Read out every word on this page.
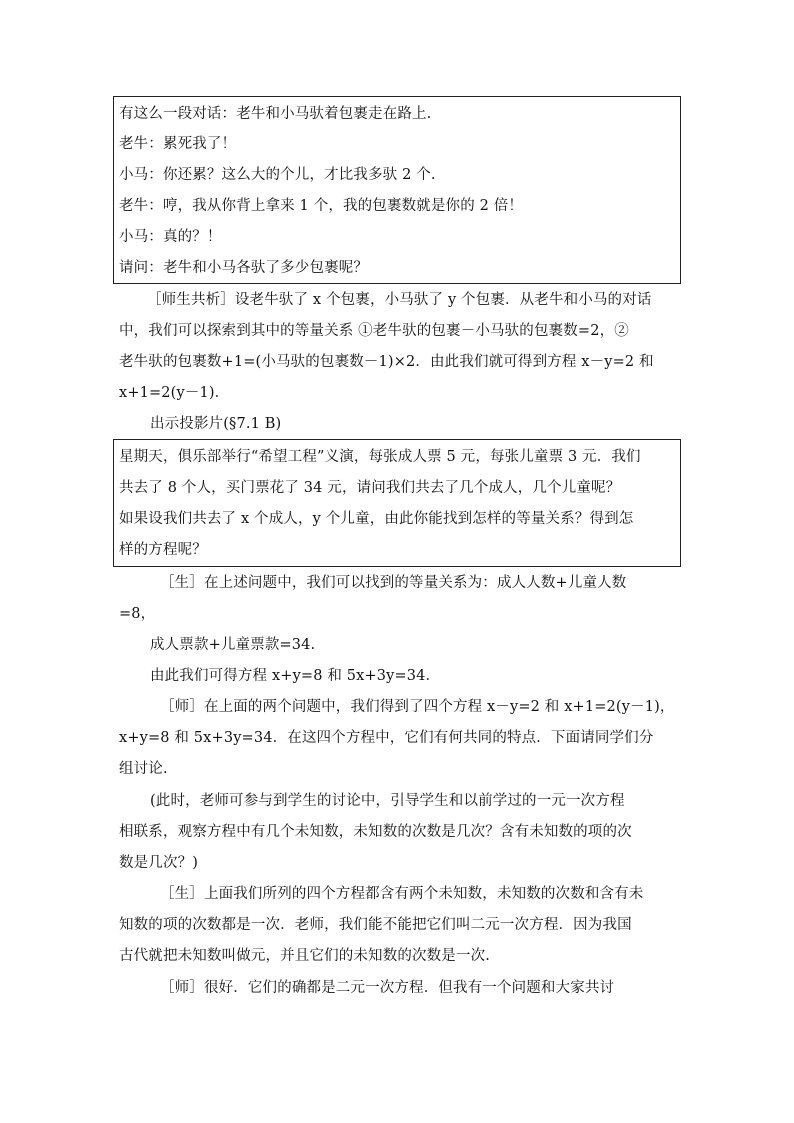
有这么一段对话：老牛和小马驮着包裹走在路上.
老牛：累死我了！
小马：你还累？这么大的个儿，才比我多驮 2 个.
老牛：哼，我从你背上拿来 1 个，我的包裹数就是你的 2 倍！
小马：真的？！
请问：老牛和小马各驮了多少包裹呢？
［师生共析］设老牛驮了 x 个包裹，小马驮了 y 个包裹．从老牛和小马的对话
中，我们可以探索到其中的等量关系 ①老牛驮的包裹－小马驮的包裹数=2，②
老牛驮的包裹数+1=(小马驮的包裹数－1)×2．由此我们就可得到方程 x－y=2 和
x+1=2(y－1)．
出示投影片(§7.1 B)
星期天，俱乐部举行“希望工程”义演，每张成人票 5 元，每张儿童票 3 元．我们
共去了 8 个人，买门票花了 34 元，请问我们共去了几个成人，几个儿童呢？
如果设我们共去了 x 个成人，y 个儿童，由此你能找到怎样的等量关系？得到怎
样的方程呢？
［生］在上述问题中，我们可以找到的等量关系为：成人人数+儿童人数
=8，
成人票款+儿童票款=34.
由此我们可得方程 x+y=8 和 5x+3y=34．
［师］在上面的两个问题中，我们得到了四个方程 x－y=2 和 x+1=2(y－1)，
x+y=8 和 5x+3y=34．在这四个方程中，它们有何共同的特点．下面请同学们分
组讨论.
(此时，老师可参与到学生的讨论中，引导学生和以前学过的一元一次方程
相联系，观察方程中有几个未知数，未知数的次数是几次？含有未知数的项的次
数是几次？)
［生］上面我们所列的四个方程都含有两个未知数，未知数的次数和含有未
知数的项的次数都是一次．老师，我们能不能把它们叫二元一次方程．因为我国
古代就把未知数叫做元，并且它们的未知数的次数是一次.
［师］很好．它们的确都是二元一次方程．但我有一个问题和大家共讨
